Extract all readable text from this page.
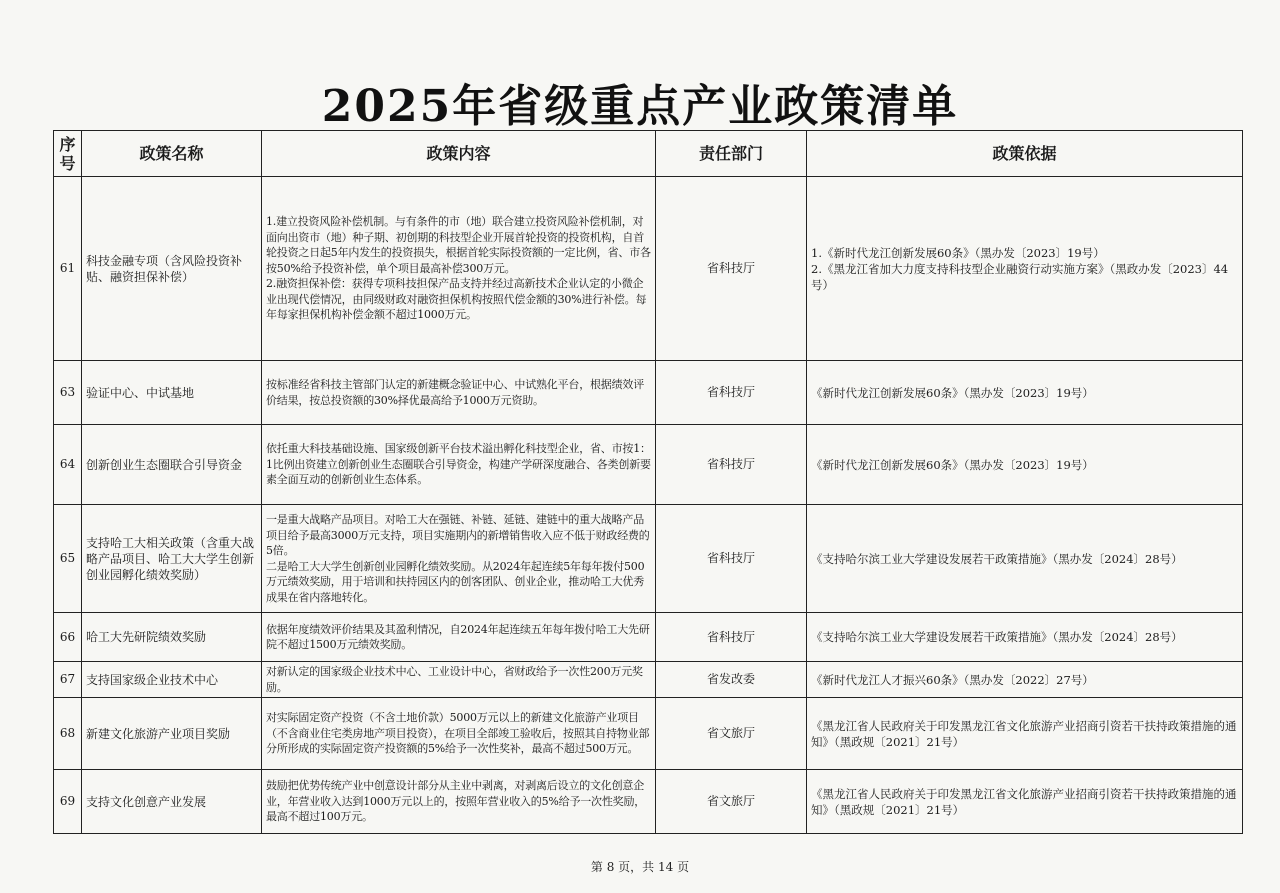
2025年省级重点产业政策清单
序号	政策名称	政策内容	责任部门	政策依据
61	科技金融专项（含风险投资补贴、融资担保补偿）	1.建立投资风险补偿机制。与有条件的市（地）联合建立投资风险补偿机制，对面向出资市（地）种子期、初创期的科技型企业开展首轮投资的投资机构，自首轮投资之日起5年内发生的投资损失，根据首轮实际投资额的一定比例，省、市各按50%给予投资补偿，单个项目最高补偿300万元。
2.融资担保补偿：获得专项科技担保产品支持并经过高新技术企业认定的小微企业出现代偿情况，由同级财政对融资担保机构按照代偿金额的30%进行补偿。每年每家担保机构补偿金额不超过1000万元。	省科技厅	1.《新时代龙江创新发展60条》（黑办发〔2023〕19号）
2.《黑龙江省加大力度支持科技型企业融资行动实施方案》（黑政办发〔2023〕44号）

63	验证中心、中试基地	按标准经省科技主管部门认定的新建概念验证中心、中试熟化平台，根据绩效评价结果，按总投资额的30%择优最高给予1000万元资助。	省科技厅	《新时代龙江创新发展60条》（黑办发〔2023〕19号）
64	创新创业生态圈联合引导资金	依托重大科技基础设施、国家级创新平台技术溢出孵化科技型企业，省、市按1：1比例出资建立创新创业生态圈联合引导资金，构建产学研深度融合、各类创新要素全面互动的创新创业生态体系。	省科技厅	《新时代龙江创新发展60条》（黑办发〔2023〕19号）
65	支持哈工大相关政策（含重大战略产品项目、哈工大大学生创新创业园孵化绩效奖励）	一是重大战略产品项目。对哈工大在强链、补链、延链、建链中的重大战略产品项目给予最高3000万元支持，项目实施期内的新增销售收入应不低于财政经费的5倍。
二是哈工大大学生创新创业园孵化绩效奖励。从2024年起连续5年每年拨付500万元绩效奖励，用于培训和扶持园区内的创客团队、创业企业，推动哈工大优秀成果在省内落地转化。	省科技厅	《支持哈尔滨工业大学建设发展若干政策措施》（黑办发〔2024〕28号）
66	哈工大先研院绩效奖励	依据年度绩效评价结果及其盈利情况，自2024年起连续五年每年拨付哈工大先研院不超过1500万元绩效奖励。	省科技厅	《支持哈尔滨工业大学建设发展若干政策措施》（黑办发〔2024〕28号）
67	支持国家级企业技术中心	对新认定的国家级企业技术中心、工业设计中心，省财政给予一次性200万元奖励。	省发改委	《新时代龙江人才振兴60条》（黑办发〔2022〕27号）
68	新建文化旅游产业项目奖励	对实际固定资产投资（不含土地价款）5000万元以上的新建文化旅游产业项目（不含商业住宅类房地产项目投资），在项目全部竣工验收后，按照其自持物业部分所形成的实际固定资产投资额的5%给予一次性奖补，最高不超过500万元。	省文旅厅	《黑龙江省人民政府关于印发黑龙江省文化旅游产业招商引资若干扶持政策措施的通知》（黑政规〔2021〕21号）
69	支持文化创意产业发展	鼓励把优势传统产业中创意设计部分从主业中剥离，对剥离后设立的文化创意企业，年营业收入达到1000万元以上的，按照年营业收入的5%给予一次性奖励，最高不超过100万元。	省文旅厅	《黑龙江省人民政府关于印发黑龙江省文化旅游产业招商引资若干扶持政策措施的通知》（黑政规〔2021〕21号）
第 8 页，共 14 页
